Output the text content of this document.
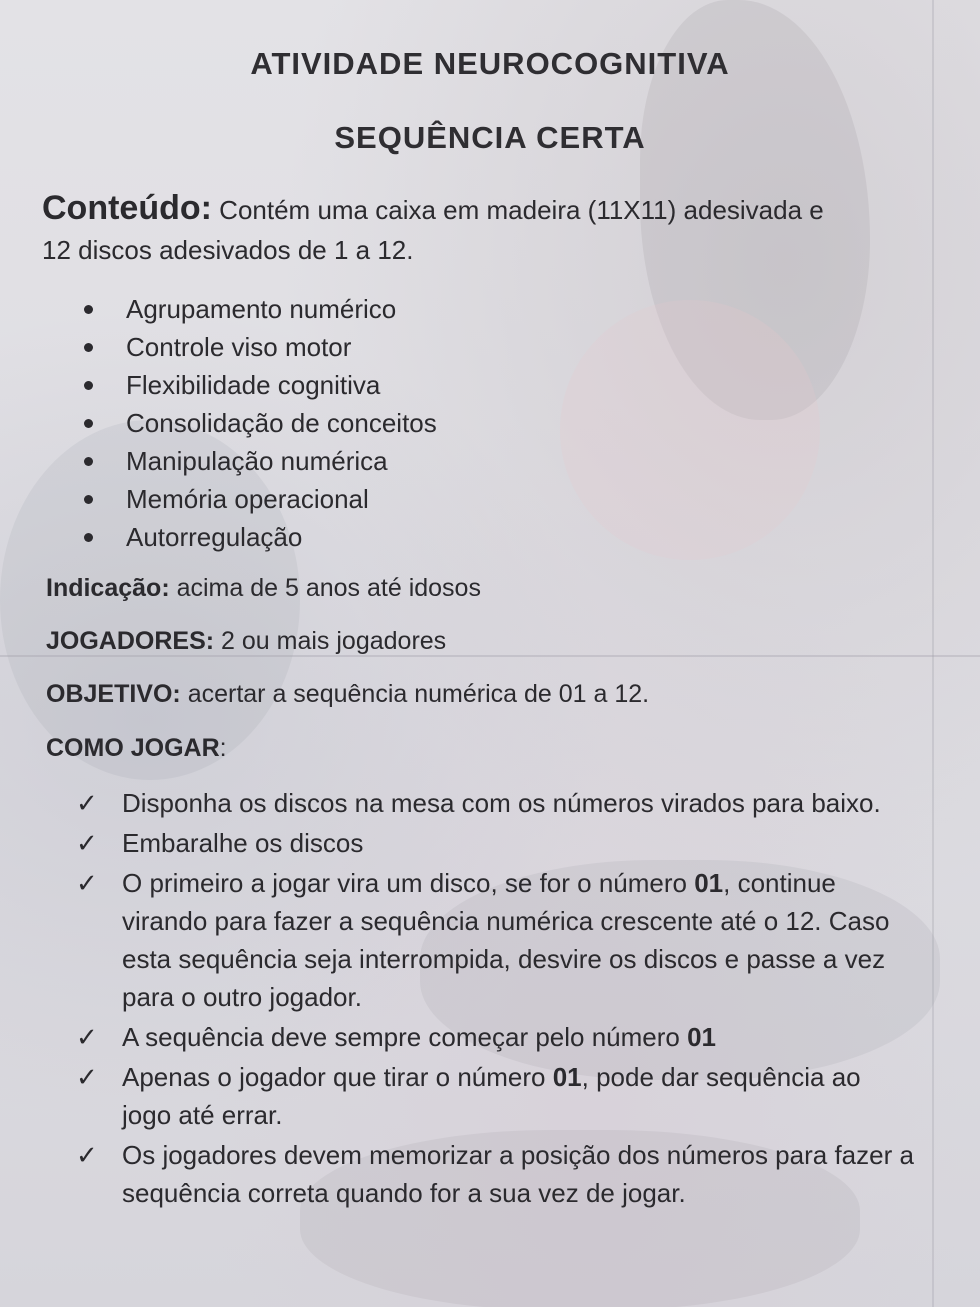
ATIVIDADE NEUROCOGNITIVA
SEQUÊNCIA CERTA
Conteúdo: Contém uma caixa em madeira (11X11) adesivada e
12 discos adesivados de 1 a 12.
Agrupamento numérico
Controle viso motor
Flexibilidade cognitiva
Consolidação de conceitos
Manipulação numérica
Memória operacional
Autorregulação
Indicação: acima de 5 anos até idosos
JOGADORES: 2 ou mais jogadores
OBJETIVO: acertar a sequência numérica de 01 a 12.
COMO JOGAR:
✓ Disponha os discos na mesa com os números virados para baixo.
✓ Embaralhe os discos
✓ O primeiro a jogar vira um disco, se for o número 01, continue virando para fazer a sequência numérica crescente até o 12. Caso esta sequência seja interrompida, desvire os discos e passe a vez para o outro jogador.
✓ A sequência deve sempre começar pelo número 01
✓ Apenas o jogador que tirar o número 01, pode dar sequência ao jogo até errar.
✓ Os jogadores devem memorizar a posição dos números para fazer a sequência correta quando for a sua vez de jogar.
